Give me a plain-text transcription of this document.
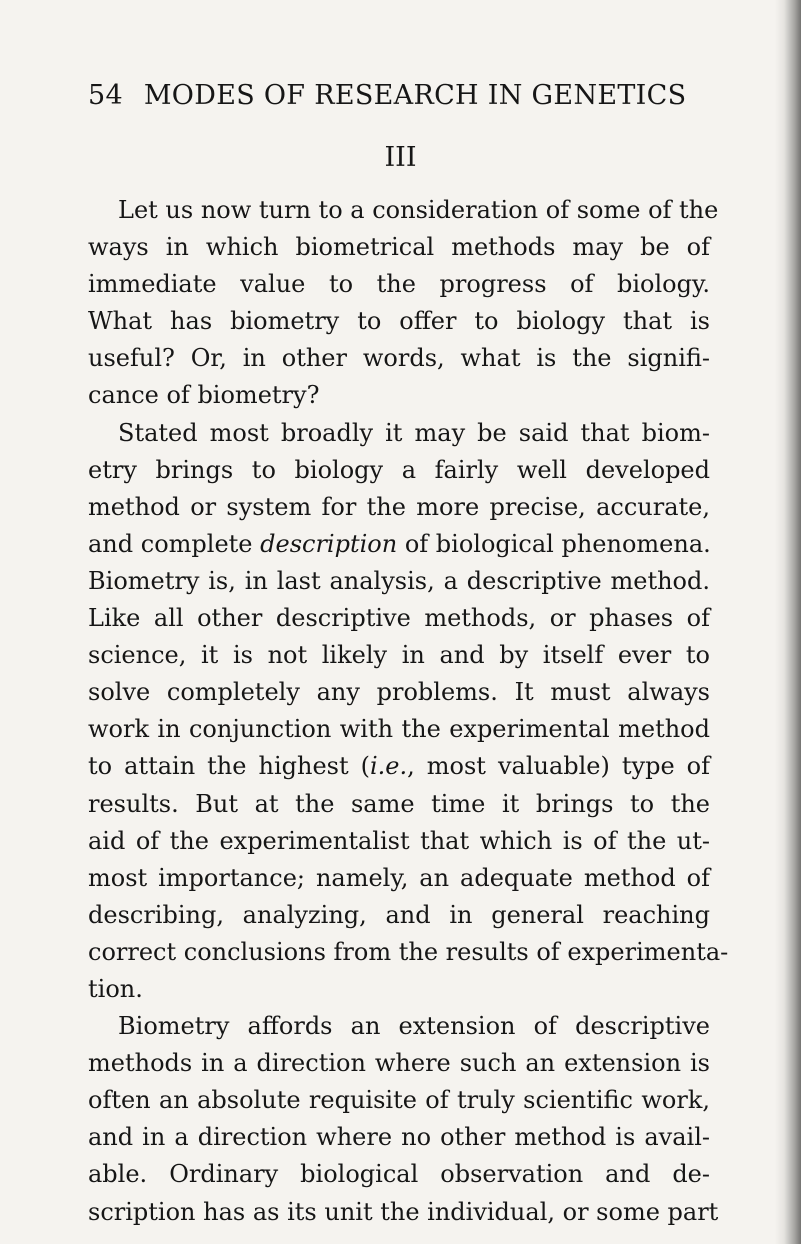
54 MODES OF RESEARCH IN GENETICS
III
Let us now turn to a consideration of some of the
ways in which biometrical methods may be of
immediate value to the progress of biology.
What has biometry to offer to biology that is
useful? Or, in other words, what is the signifi-
cance of biometry?
Stated most broadly it may be said that biom-
etry brings to biology a fairly well developed
method or system for the more precise, accurate,
and complete description of biological phenomena.
Biometry is, in last analysis, a descriptive method.
Like all other descriptive methods, or phases of
science, it is not likely in and by itself ever to
solve completely any problems. It must always
work in conjunction with the experimental method
to attain the highest (i.e., most valuable) type of
results. But at the same time it brings to the
aid of the experimentalist that which is of the ut-
most importance; namely, an adequate method of
describing, analyzing, and in general reaching
correct conclusions from the results of experimenta-
tion.
Biometry affords an extension of descriptive
methods in a direction where such an extension is
often an absolute requisite of truly scientific work,
and in a direction where no other method is avail-
able. Ordinary biological observation and de-
scription has as its unit the individual, or some part
